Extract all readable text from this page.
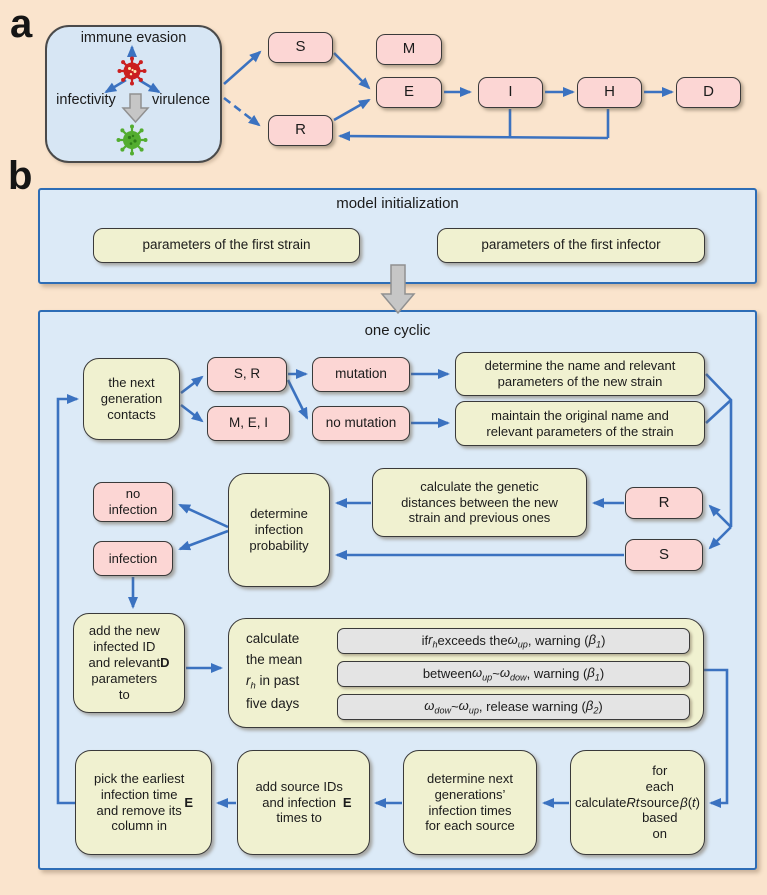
a
b
immune evasion
infectivity virulence
model initialization
parameters of the first strain	parameters of the first infector
one cyclic
the next
generation
contacts
S, R
M, E, I
mutation
no mutation
determine the name and relevant
parameters of the new strain
maintain the original name and
relevant parameters of the strain
no
infection
infection
determine
infection
probability
calculate the genetic
distances between the new
strain and previous ones
R
S
add the new
infected ID
and relevant
parameters
to
D
calculate
the mean
$r_h$ in past
five days
if $r_h$ exceeds the $\omega_{up}$ , warning ( $\beta_1$ )
between $\omega_{up}$ ~ $\omega_{dow}$ , warning ( $\beta_1$ )
$\omega_{dow}$ ~ $\omega_{up}$ , release warning ( $\beta_2$ )
pick the earliest
infection time
and remove its
column in
E
add source IDs
and infection
times to
E
determine next
generations’
infection times
for each source
calculate Rt
for
each source
based on
β ( t )
S	M
E	I	H	D
R
